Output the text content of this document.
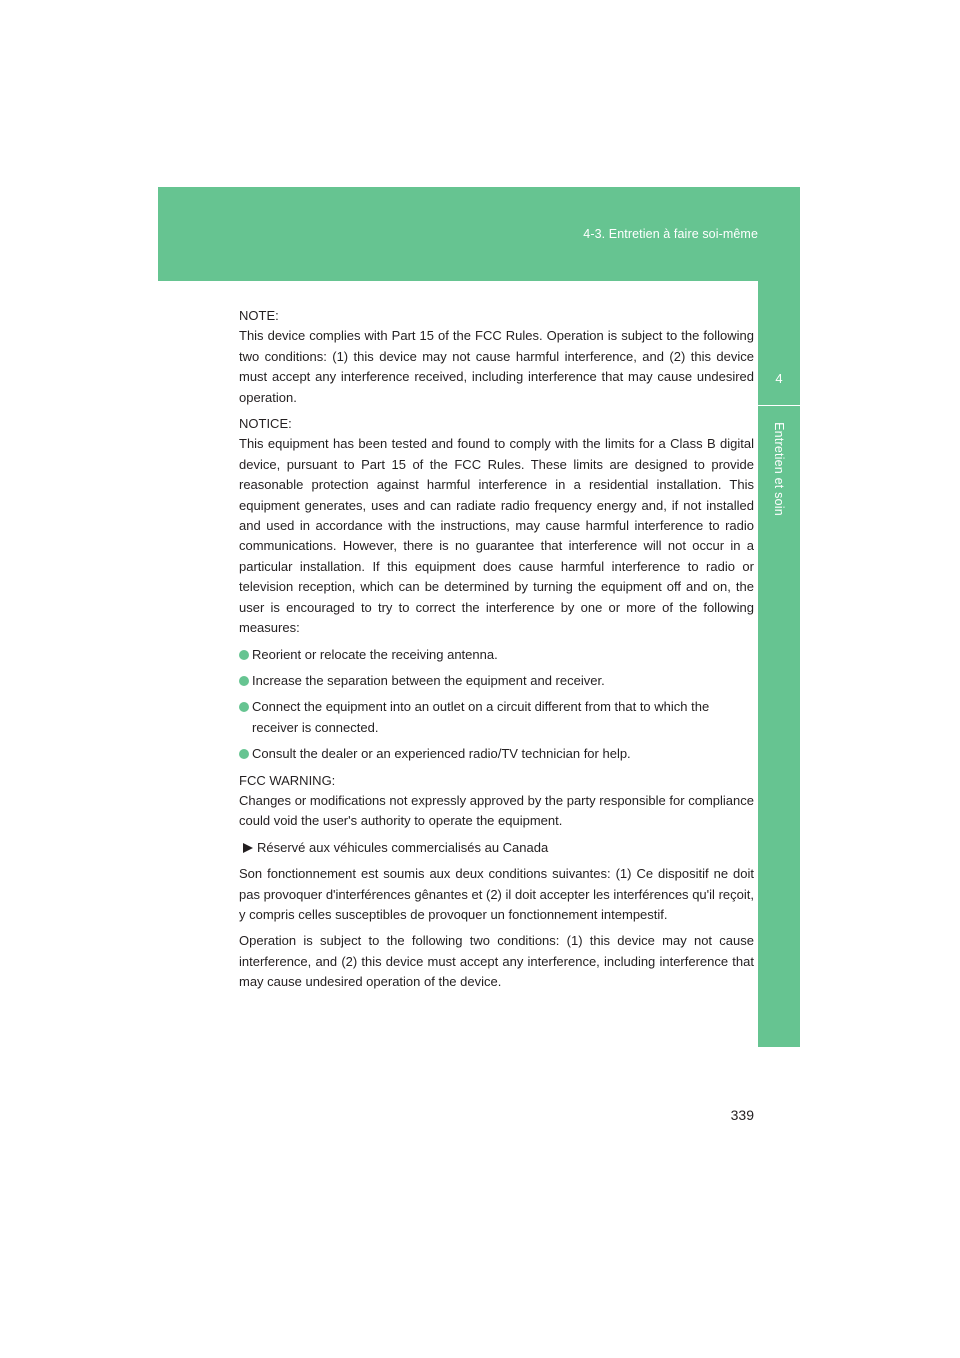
4-3. Entretien à faire soi-même
4
Entretien et soin
NOTE:

This device complies with Part 15 of the FCC Rules. Operation is subject to the following two conditions: (1) this device may not cause harmful interference, and (2) this device must accept any interference received, including interference that may cause undesired operation.

NOTICE:

This equipment has been tested and found to comply with the limits for a Class B digital device, pursuant to Part 15 of the FCC Rules. These limits are designed to provide reasonable protection against harmful interference in a residential installation. This equipment generates, uses and can radiate radio frequency energy and, if not installed and used in accordance with the instructions, may cause harmful interference to radio communications. However, there is no guarantee that interference will not occur in a particular installation. If this equipment does cause harmful interference to radio or television reception, which can be determined by turning the equipment off and on, the user is encouraged to try to correct the interference by one or more of the following measures:

Reorient or relocate the receiving antenna.
Increase the separation between the equipment and receiver.
Connect the equipment into an outlet on a circuit different from that to which the receiver is connected.
Consult the dealer or an experienced radio/TV technician for help.
FCC WARNING:

Changes or modifications not expressly approved by the party responsible for compliance could void the user's authority to operate the equipment.

Réservé aux véhicules commercialisés au Canada

Son fonctionnement est soumis aux deux conditions suivantes: (1) Ce dispositif ne doit pas provoquer d'interférences gênantes et (2) il doit accepter les interférences qu'il reçoit, y compris celles susceptibles de provoquer un fonctionnement intempestif.

Operation is subject to the following two conditions: (1) this device may not cause interference, and (2) this device must accept any interference, including interference that may cause undesired operation of the device.

339
